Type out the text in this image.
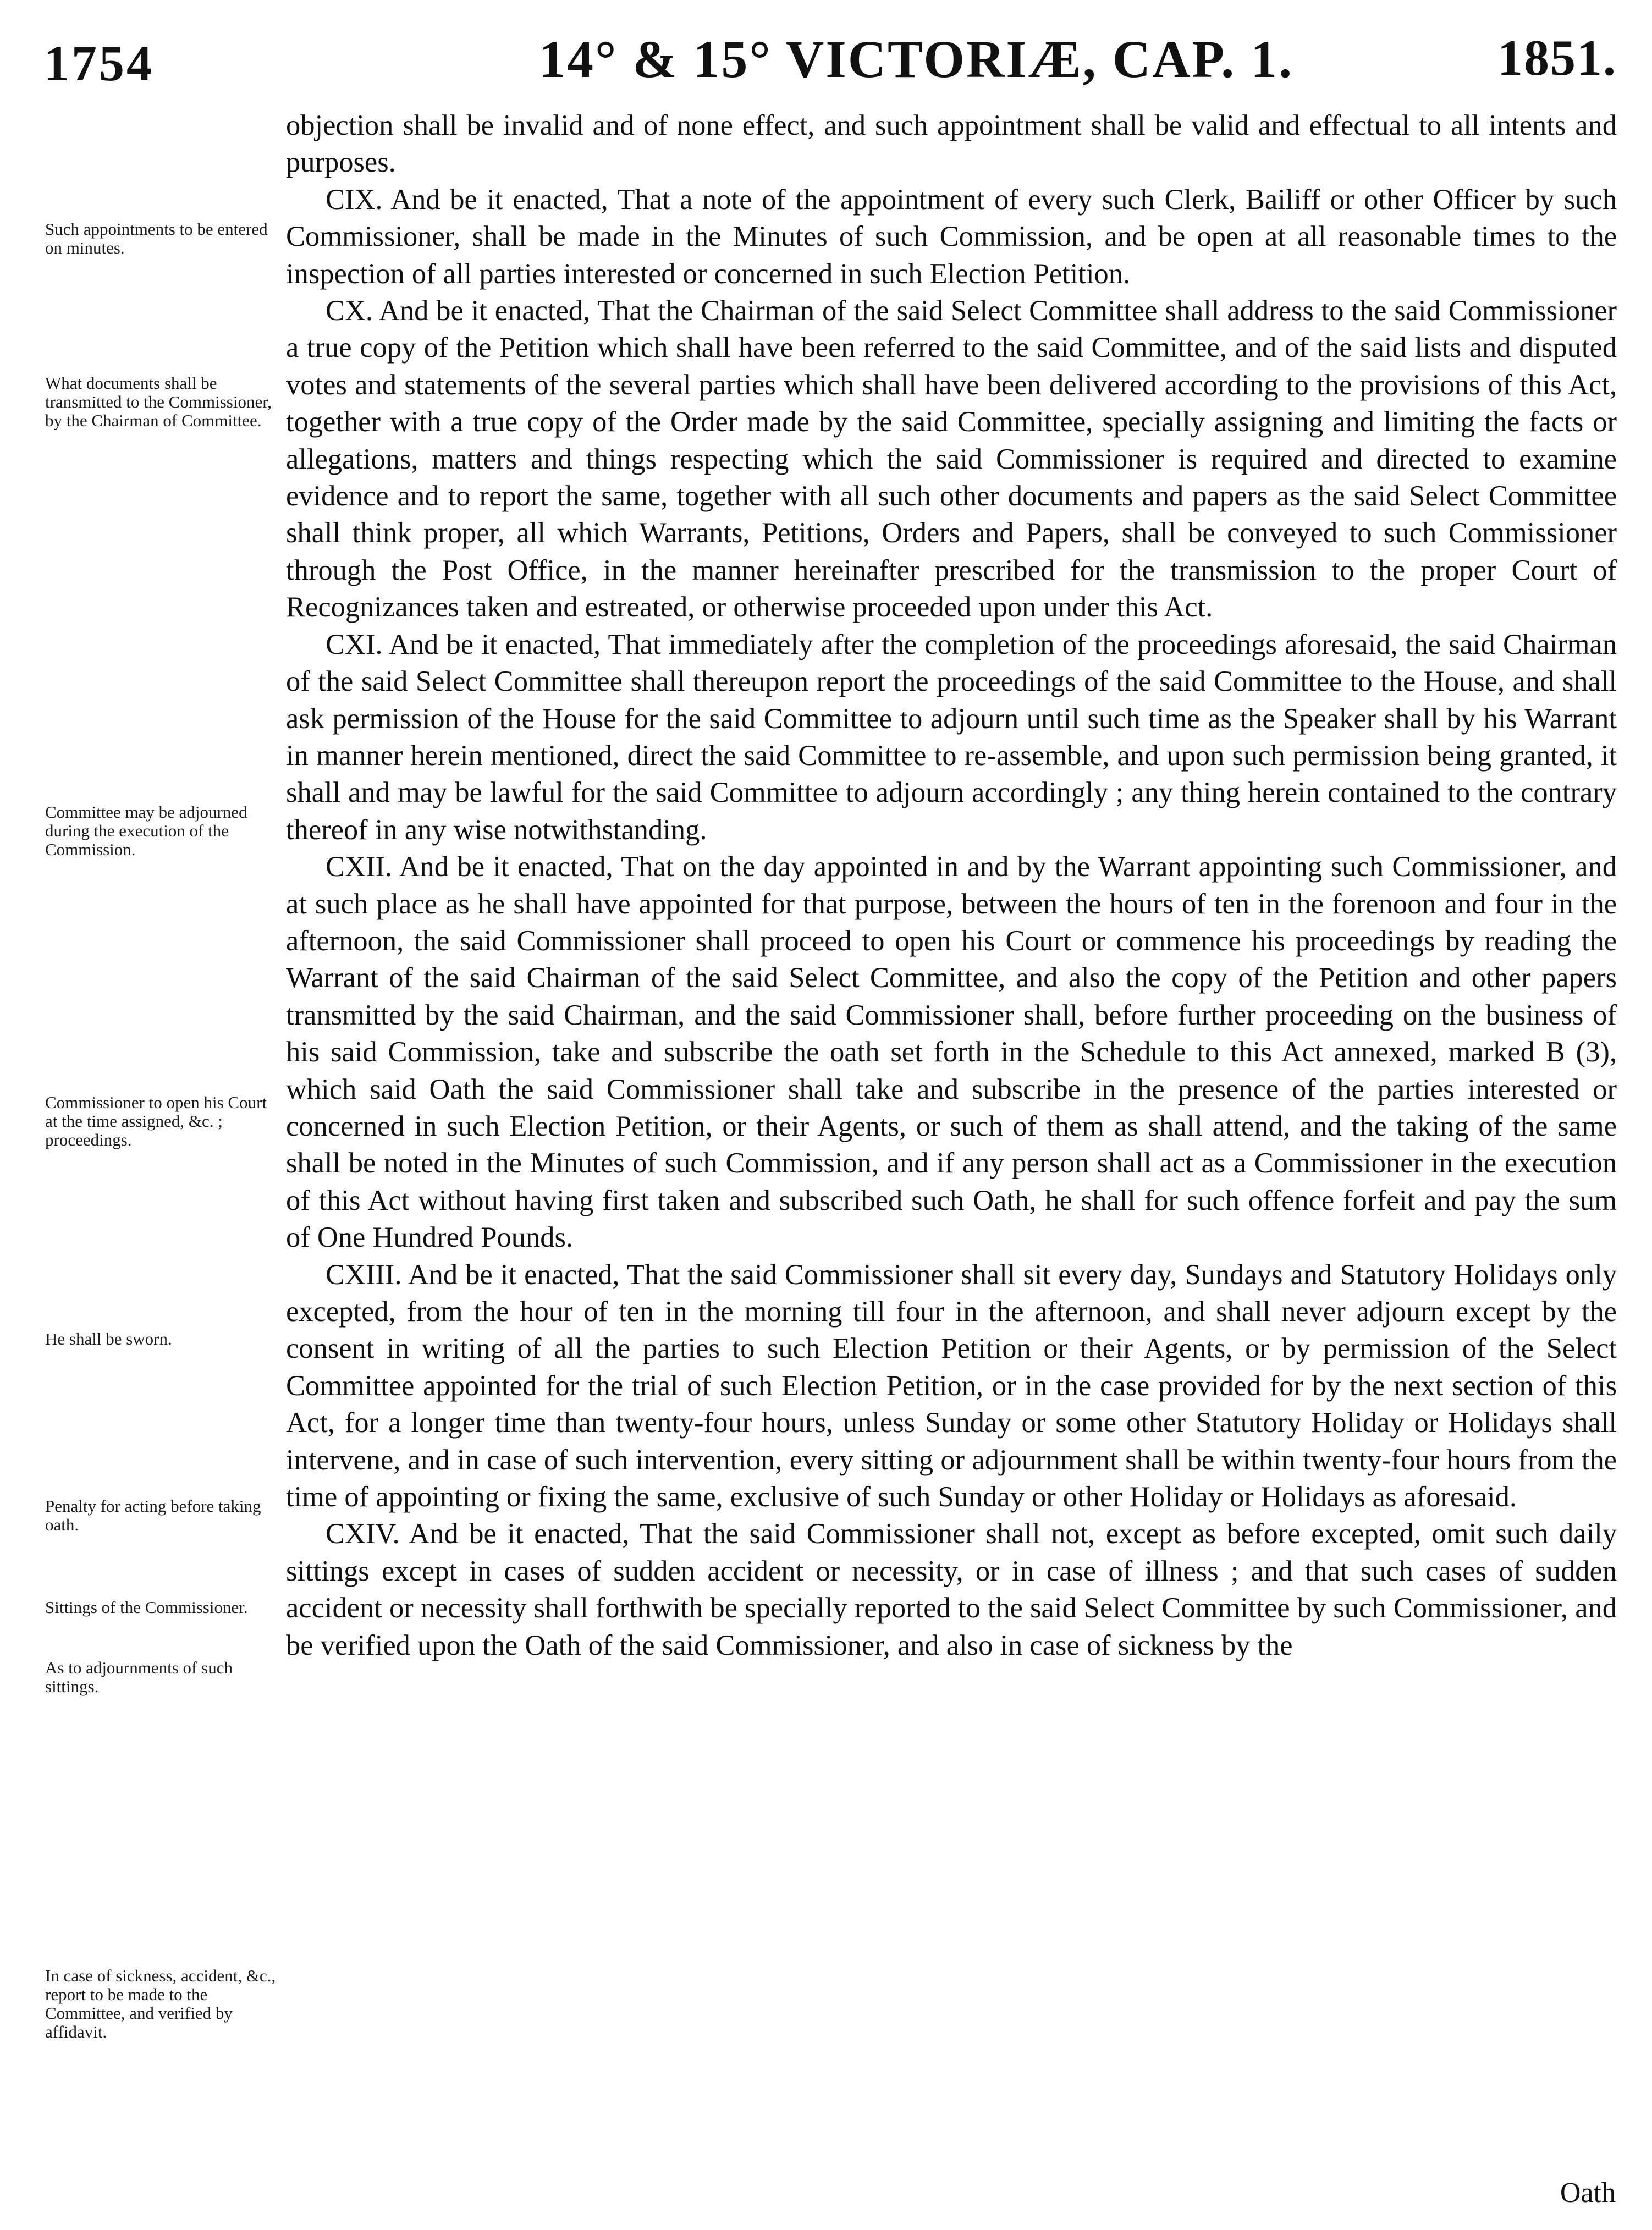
1754	14° & 15° VICTORIÆ, CAP. 1.	1851.

objection shall be invalid and of none effect, and such appointment shall be valid and effectual to all intents and purposes.

CIX. And be it enacted, That a note of the appointment of every such Clerk, Bailiff or other Officer by such Commissioner, shall be made in the Minutes of such Commission, and be open at all reasonable times to the inspection of all parties interested or concerned in such Election Petition.

CX. And be it enacted, That the Chairman of the said Select Committee shall address to the said Commissioner a true copy of the Petition which shall have been referred to the said Committee, and of the said lists and disputed votes and statements of the several parties which shall have been delivered according to the provisions of this Act, together with a true copy of the Order made by the said Committee, specially assigning and limiting the facts or allegations, matters and things respecting which the said Commissioner is required and directed to examine evidence and to report the same, together with all such other documents and papers as the said Select Committee shall think proper, all which Warrants, Petitions, Orders and Papers, shall be conveyed to such Commissioner through the Post Office, in the manner hereinafter prescribed for the transmission to the proper Court of Recognizances taken and estreated, or otherwise proceeded upon under this Act.

CXI. And be it enacted, That immediately after the completion of the proceedings aforesaid, the said Chairman of the said Select Committee shall thereupon report the proceedings of the said Committee to the House, and shall ask permission of the House for the said Committee to adjourn until such time as the Speaker shall by his Warrant in manner herein mentioned, direct the said Committee to re-assemble, and upon such permission being granted, it shall and may be lawful for the said Committee to adjourn accordingly ; any thing herein contained to the contrary thereof in any wise notwithstanding.

CXII. And be it enacted, That on the day appointed in and by the Warrant appointing such Commissioner, and at such place as he shall have appointed for that purpose, between the hours of ten in the forenoon and four in the afternoon, the said Commissioner shall proceed to open his Court or commence his proceedings by reading the Warrant of the said Chairman of the said Select Committee, and also the copy of the Petition and other papers transmitted by the said Chairman, and the said Commissioner shall, before further proceeding on the business of his said Commission, take and subscribe the oath set forth in the Schedule to this Act annexed, marked B (3), which said Oath the said Commissioner shall take and subscribe in the presence of the parties interested or concerned in such Election Petition, or their Agents, or such of them as shall attend, and the taking of the same shall be noted in the Minutes of such Commission, and if any person shall act as a Commissioner in the execution of this Act without having first taken and subscribed such Oath, he shall for such offence forfeit and pay the sum of One Hundred Pounds.

CXIII. And be it enacted, That the said Commissioner shall sit every day, Sundays and Statutory Holidays only excepted, from the hour of ten in the morning till four in the afternoon, and shall never adjourn except by the consent in writing of all the parties to such Election Petition or their Agents, or by permission of the Select Committee appointed for the trial of such Election Petition, or in the case provided for by the next section of this Act, for a longer time than twenty-four hours, unless Sunday or some other Statutory Holiday or Holidays shall intervene, and in case of such intervention, every sitting or adjournment shall be within twenty-four hours from the time of appointing or fixing the same, exclusive of such Sunday or other Holiday or Holidays as aforesaid.

CXIV. And be it enacted, That the said Commissioner shall not, except as before excepted, omit such daily sittings except in cases of sudden accident or necessity, or in case of illness ; and that such cases of sudden accident or necessity shall forthwith be specially reported to the said Select Committee by such Commissioner, and be verified upon the Oath of the said Commissioner, and also in case of sickness by the

Such appointments to be entered on minutes.
What documents shall be transmitted to the Commissioner, by the Chairman of Committee.
Committee may be adjourned during the execution of the Commission.
Commissioner to open his Court at the time assigned, &c. ; proceedings.
He shall be sworn.
Penalty for acting before taking oath.
Sittings of the Commissioner.
As to adjournments of such sittings.
In case of sickness, accident, &c., report to be made to the Committee, and verified by affidavit.
Oath
